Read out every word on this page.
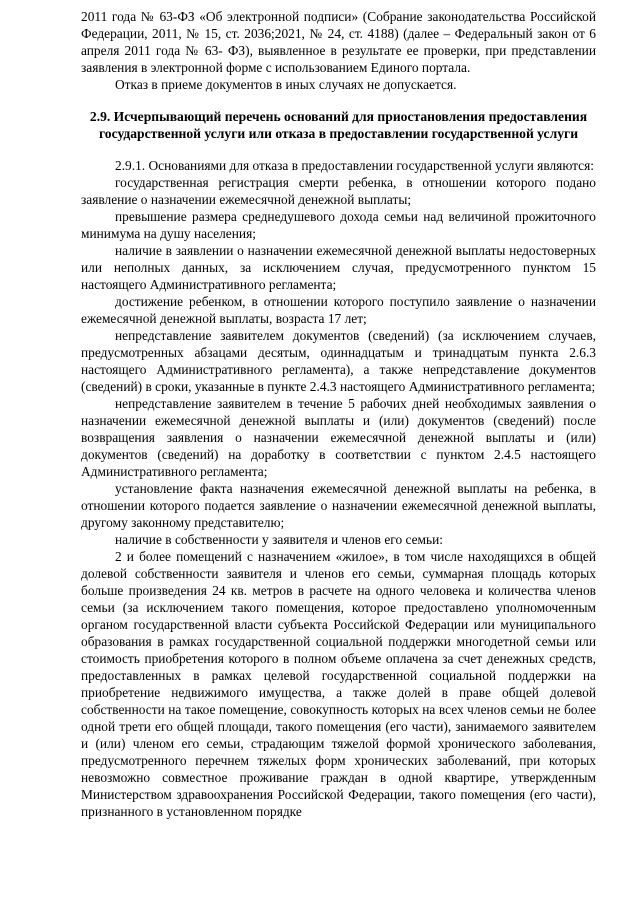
2011 года № 63-ФЗ «Об электронной подписи» (Собрание законодательства Российской Федерации, 2011, № 15, ст. 2036;2021, № 24, ст. 4188) (далее – Федеральный закон от 6 апреля 2011 года № 63- ФЗ), выявленное в результате ее проверки, при представлении заявления в электронной форме с использованием Единого портала.

Отказ в приеме документов в иных случаях не допускается.

2.9. Исчерпывающий перечень оснований для приостановления предоставления государственной услуги или отказа в предоставлении государственной услуги

2.9.1. Основаниями для отказа в предоставлении государственной услуги являются:

государственная регистрация смерти ребенка, в отношении которого подано заявление о назначении ежемесячной денежной выплаты;

превышение размера среднедушевого дохода семьи над величиной прожиточного минимума на душу населения;

наличие в заявлении о назначении ежемесячной денежной выплаты недостоверных или неполных данных, за исключением случая, предусмотренного пунктом 15 настоящего Административного регламента;

достижение ребенком, в отношении которого поступило заявление о назначении ежемесячной денежной выплаты, возраста 17 лет;

непредставление заявителем документов (сведений) (за исключением случаев, предусмотренных абзацами десятым, одиннадцатым и тринадцатым пункта 2.6.3 настоящего Административного регламента), а также непредставление документов (сведений) в сроки, указанные в пункте 2.4.3 настоящего Административного регламента;

непредставление заявителем в течение 5 рабочих дней необходимых заявления о назначении ежемесячной денежной выплаты и (или) документов (сведений) после возвращения заявления о назначении ежемесячной денежной выплаты и (или) документов (сведений) на доработку в соответствии с пунктом 2.4.5 настоящего Административного регламента;

установление факта назначения ежемесячной денежной выплаты на ребенка, в отношении которого подается заявление о назначении ежемесячной денежной выплаты, другому законному представителю;

наличие в собственности у заявителя и членов его семьи:

2 и более помещений с назначением «жилое», в том числе находящихся в общей долевой собственности заявителя и членов его семьи, суммарная площадь которых больше произведения 24 кв. метров в расчете на одного человека и количества членов семьи (за исключением такого помещения, которое предоставлено уполномоченным органом государственной власти субъекта Российской Федерации или муниципального образования в рамках государственной социальной поддержки многодетной семьи или стоимость приобретения которого в полном объеме оплачена за счет денежных средств, предоставленных в рамках целевой государственной социальной поддержки на приобретение недвижимого имущества, а также долей в праве общей долевой собственности на такое помещение, совокупность которых на всех членов семьи не более одной трети его общей площади, такого помещения (его части), занимаемого заявителем и (или) членом его семьи, страдающим тяжелой формой хронического заболевания, предусмотренного перечнем тяжелых форм хронических заболеваний, при которых невозможно совместное проживание граждан в одной квартире, утвержденным Министерством здравоохранения Российской Федерации, такого помещения (его части), признанного в установленном порядке
